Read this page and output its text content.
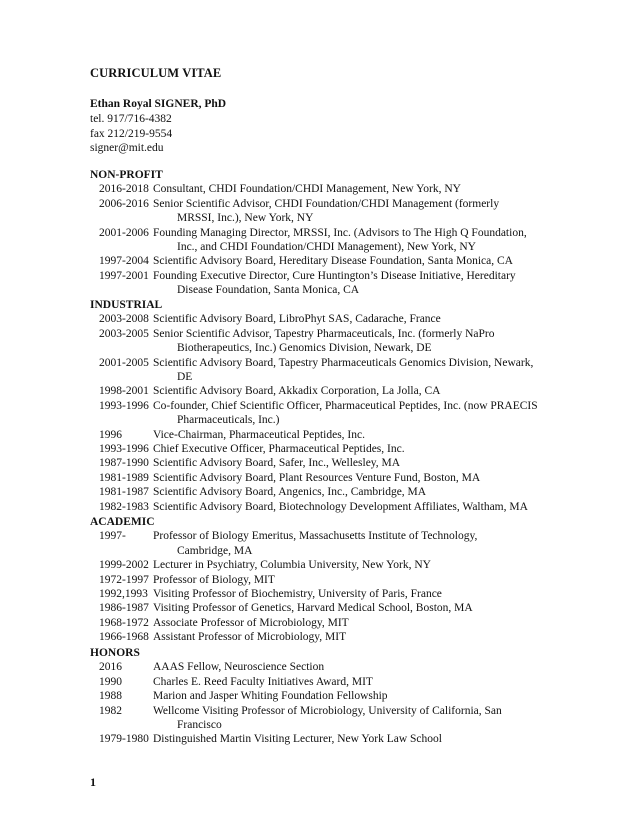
CURRICULUM VITAE
Ethan Royal SIGNER, PhD
tel. 917/716-4382
fax 212/219-9554
signer@mit.edu
NON-PROFIT
2016-2018 Consultant, CHDI Foundation/CHDI Management, New York, NY
2006-2016 Senior Scientific Advisor, CHDI Foundation/CHDI Management (formerly
MRSSI, Inc.), New York, NY
2001-2006 Founding Managing Director, MRSSI, Inc. (Advisors to The High Q Foundation,
Inc., and CHDI Foundation/CHDI Management), New York, NY
1997-2004 Scientific Advisory Board, Hereditary Disease Foundation, Santa Monica, CA
1997-2001 Founding Executive Director, Cure Huntington’s Disease Initiative, Hereditary
Disease Foundation, Santa Monica, CA
INDUSTRIAL
2003-2008 Scientific Advisory Board, LibroPhyt SAS, Cadarache, France
2003-2005 Senior Scientific Advisor, Tapestry Pharmaceuticals, Inc. (formerly NaPro
Biotherapeutics, Inc.) Genomics Division, Newark, DE
2001-2005 Scientific Advisory Board, Tapestry Pharmaceuticals Genomics Division, Newark,
DE
1998-2001 Scientific Advisory Board, Akkadix Corporation, La Jolla, CA
1993-1996 Co-founder, Chief Scientific Officer, Pharmaceutical Peptides, Inc. (now PRAECIS
Pharmaceuticals, Inc.)
1996	Vice-Chairman, Pharmaceutical Peptides, Inc.
1993-1996 Chief Executive Officer, Pharmaceutical Peptides, Inc.
1987-1990 Scientific Advisory Board, Safer, Inc., Wellesley, MA
1981-1989 Scientific Advisory Board, Plant Resources Venture Fund, Boston, MA
1981-1987 Scientific Advisory Board, Angenics, Inc., Cambridge, MA
1982-1983 Scientific Advisory Board, Biotechnology Development Affiliates, Waltham, MA
ACADEMIC
1997-	Professor of Biology Emeritus, Massachusetts Institute of Technology,
Cambridge, MA
1999-2002 Lecturer in Psychiatry, Columbia University, New York, NY
1972-1997 Professor of Biology, MIT
1992,1993 Visiting Professor of Biochemistry, University of Paris, France
1986-1987 Visiting Professor of Genetics, Harvard Medical School, Boston, MA
1968-1972 Associate Professor of Microbiology, MIT
1966-1968 Assistant Professor of Microbiology, MIT
HONORS
2016	AAAS Fellow, Neuroscience Section
1990	Charles E. Reed Faculty Initiatives Award, MIT
1988	Marion and Jasper Whiting Foundation Fellowship
1982	Wellcome Visiting Professor of Microbiology, University of California, San
Francisco
1979-1980 Distinguished Martin Visiting Lecturer, New York Law School
1
